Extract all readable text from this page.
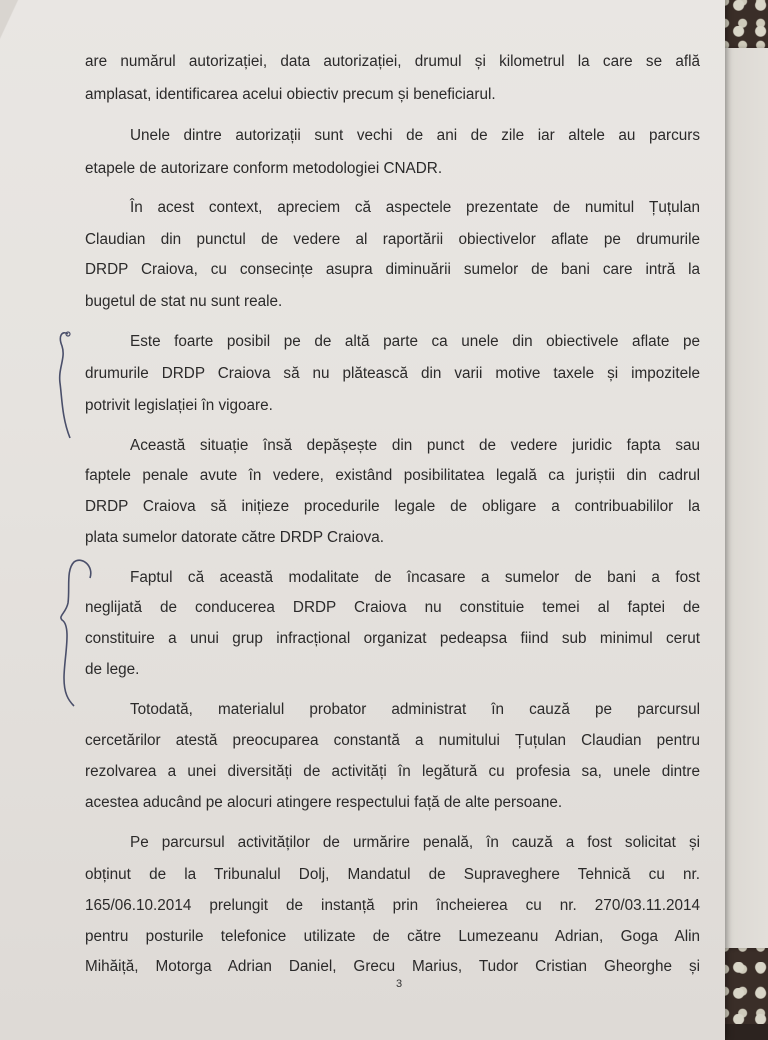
are numărul autorizației, data autorizației, drumul și kilometrul la care se află
amplasat, identificarea acelui obiectiv precum și beneficiarul.
Unele dintre autorizații sunt vechi de ani de zile iar altele au parcurs
etapele de autorizare conform metodologiei CNADR.
În acest context, apreciem că aspectele prezentate de numitul Țuțulan
Claudian din punctul de vedere al raportării obiectivelor aflate pe drumurile
DRDP Craiova, cu consecințe asupra diminuării sumelor de bani care intră la
bugetul de stat nu sunt reale.
Este foarte posibil pe de altă parte ca unele din obiectivele aflate pe
drumurile DRDP Craiova să nu plătească din varii motive taxele și impozitele
potrivit legislației în vigoare.
Această situație însă depășește din punct de vedere juridic fapta sau
faptele penale avute în vedere, existând posibilitatea legală ca juriștii din cadrul
DRDP Craiova să inițieze procedurile legale de obligare a contribuabililor la
plata sumelor datorate către DRDP Craiova.
Faptul că această modalitate de încasare a sumelor de bani a fost
neglijată de conducerea DRDP Craiova nu constituie temei al faptei de
constituire a unui grup infracțional organizat pedeapsa fiind sub minimul cerut
de lege.
Totodată, materialul probator administrat în cauză pe parcursul
cercetărilor atestă preocuparea constantă a numitului Țuțulan Claudian pentru
rezolvarea a unei diversități de activități în legătură cu profesia sa, unele dintre
acestea aducând pe alocuri atingere respectului față de alte persoane.
Pe parcursul activităților de urmărire penală, în cauză a fost solicitat și
obținut de la Tribunalul Dolj, Mandatul de Supraveghere Tehnică cu nr.
165/06.10.2014 prelungit de instanță prin încheierea cu nr. 270/03.11.2014
pentru posturile telefonice utilizate de către Lumezeanu Adrian, Goga Alin
Mihăiță, Motorga Adrian Daniel, Grecu Marius, Tudor Cristian Gheorghe și
3
